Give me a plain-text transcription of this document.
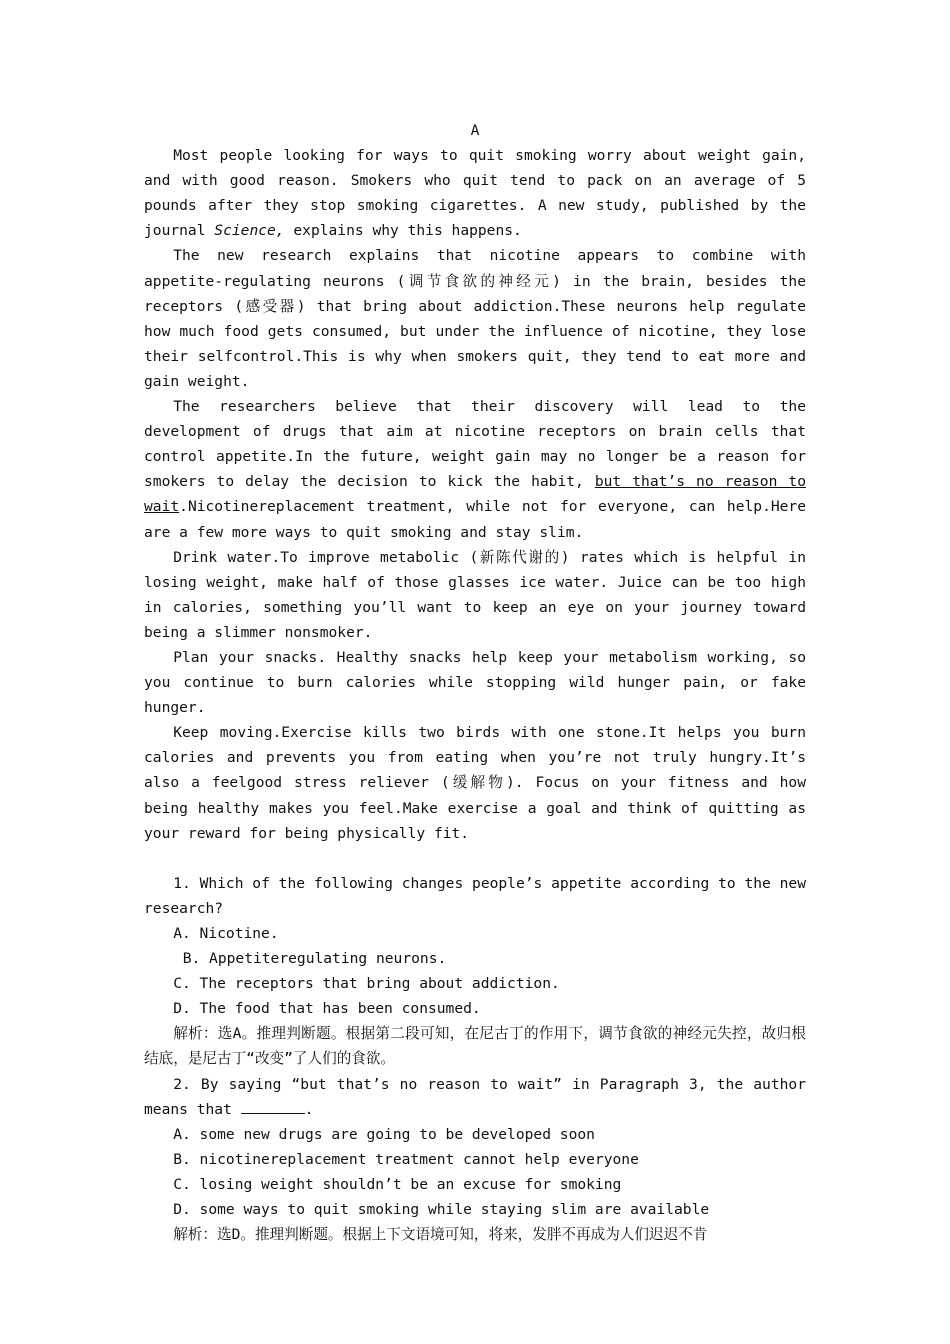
A

Most people looking for ways to quit smoking worry about weight gain, and with good reason. Smokers who quit tend to pack on an average of 5 pounds after they stop smoking cigarettes. A new study, published by the journal Science, explains why this happens.

The new research explains that nicotine appears to combine with appetite-regulating neurons (调节食欲的神经元) in the brain, besides the receptors (感受器) that bring about addiction.These neurons help regulate how much food gets consumed, but under the influence of nicotine, they lose their selfcontrol.This is why when smokers quit, they tend to eat more and gain weight.

The researchers believe that their discovery will lead to the development of drugs that aim at nicotine receptors on brain cells that control appetite.In the future, weight gain may no longer be a reason for smokers to delay the decision to kick the habit, but that’s no reason to wait.Nicotinereplacement treatment, while not for everyone, can help.Here are a few more ways to quit smoking and stay slim.

Drink water.To improve metabolic (新陈代谢的) rates which is helpful in losing weight, make half of those glasses ice water. Juice can be too high in calories, something you’ll want to keep an eye on your journey toward being a slimmer nonsmoker.

Plan your snacks. Healthy snacks help keep your metabolism working, so you continue to burn calories while stopping wild hunger pain, or fake hunger.

Keep moving.Exercise kills two birds with one stone.It helps you burn calories and prevents you from eating when you’re not truly hungry.It’s also a feelgood stress reliever (缓解物). Focus on your fitness and how being healthy makes you feel.Make exercise a goal and think of quitting as your reward for being physically fit.

1. Which of the following changes people’s appetite according to the new research?

A. Nicotine.
B. Appetiteregulating neurons.
C. The receptors that bring about addiction.
D. The food that has been consumed.

解析：选A。推理判断题。根据第二段可知，在尼古丁的作用下，调节食欲的神经元失控，故归根结底，是尼古丁“改变”了人们的食欲。

2. By saying “but that’s no reason to wait” in Paragraph 3, the author means that	.

A. some new drugs are going to be developed soon
B. nicotinereplacement treatment cannot help everyone
C. losing weight shouldn’t be an excuse for smoking
D. some ways to quit smoking while staying slim are available

解析：选D。推理判断题。根据上下文语境可知，将来，发胖不再成为人们迟迟不肯
